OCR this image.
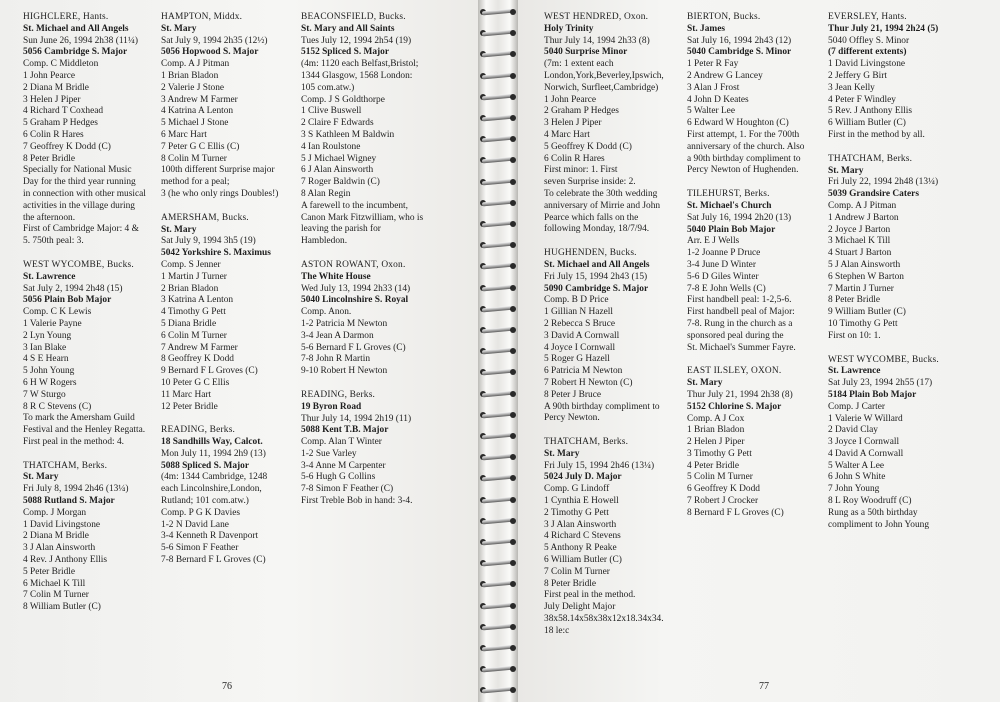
HIGHCLERE, Hants.
St. Michael and All Angels
Sun June 26, 1994 2h38 (11¼)
5056 Cambridge S. Major
Comp. C Middleton
1 John Pearce
2 Diana M Bridle
3 Helen J Piper
4 Richard T Coxhead
5 Graham P Hedges
6 Colin R Hares
7 Geoffrey K Dodd (C)
8 Peter Bridle
Specially for National Music
Day for the third year running
in connection with other musical
activities in the village during
the afternoon.
First of Cambridge Major: 4 &
5. 750th peal: 3.
WEST WYCOMBE, Bucks.
St. Lawrence
Sat July 2, 1994 2h48 (15)
5056 Plain Bob Major
Comp. C K Lewis
1 Valerie Payne
2 Lyn Young
3 Ian Blake
4 S E Hearn
5 John Young
6 H W Rogers
7 W Sturgo
8 R C Stevens (C)
To mark the Amersham Guild
Festival and the Henley Regatta.
First peal in the method: 4.
THATCHAM, Berks.
St. Mary
Fri July 8, 1994 2h46 (13¼)
5088 Rutland S. Major
Comp. J Morgan
1 David Livingstone
2 Diana M Bridle
3 J Alan Ainsworth
4 Rev. J Anthony Ellis
5 Peter Bridle
6 Michael K Till
7 Colin M Turner
8 William Butler (C)
HAMPTON, Middx.
St. Mary
Sat July 9, 1994 2h35 (12½)
5056 Hopwood S. Major
Comp. A J Pitman
1 Brian Bladon
2 Valerie J Stone
3 Andrew M Farmer
4 Katrina A Lenton
5 Michael J Stone
6 Marc Hart
7 Peter G C Ellis (C)
8 Colin M Turner
100th different Surprise major
method for a peal;
3 (he who only rings Doubles!)
AMERSHAM, Bucks.
St. Mary
Sat July 9, 1994 3h5 (19)
5042 Yorkshire S. Maximus
Comp. S Jenner
1 Martin J Turner
2 Brian Bladon
3 Katrina A Lenton
4 Timothy G Pett
5 Diana Bridle
6 Colin M Turner
7 Andrew M Farmer
8 Geoffrey K Dodd
9 Bernard F L Groves (C)
10 Peter G C Ellis
11 Marc Hart
12 Peter Bridle
READING, Berks.
18 Sandhills Way, Calcot.
Mon July 11, 1994 2h9 (13)
5088 Spliced S. Major
(4m: 1344 Cambridge, 1248
each Lincolnshire,London,
Rutland; 101 com.atw.)
Comp. P G K Davies
1-2 N David Lane
3-4 Kenneth R Davenport
5-6 Simon F Feather
7-8 Bernard F L Groves (C)
BEACONSFIELD, Bucks.
St. Mary and All Saints
Tues July 12, 1994 2h54 (19)
5152 Spliced S. Major
(4m: 1120 each Belfast,Bristol;
1344 Glasgow, 1568 London:
105 com.atw.)
Comp. J S Goldthorpe
1 Clive Buswell
2 Claire F Edwards
3 S Kathleen M Baldwin
4 Ian Roulstone
5 J Michael Wigney
6 J Alan Ainsworth
7 Roger Baldwin (C)
8 Alan Regin
A farewell to the incumbent,
Canon Mark Fitzwilliam, who is
leaving the parish for
Hambledon.
ASTON ROWANT, Oxon.
The White House
Wed July 13, 1994 2h33 (14)
5040 Lincolnshire S. Royal
Comp. Anon.
1-2 Patricia M Newton
3-4 Jean A Darmon
5-6 Bernard F L Groves (C)
7-8 John R Martin
9-10 Robert H Newton
READING, Berks.
19 Byron Road
Thur July 14, 1994 2h19 (11)
5088 Kent T.B. Major
Comp. Alan T Winter
1-2 Sue Varley
3-4 Anne M Carpenter
5-6 Hugh G Collins
7-8 Simon F Feather (C)
First Treble Bob in hand: 3-4.
76
WEST HENDRED, Oxon.
Holy Trinity
Thur July 14, 1994 2h33 (8)
5040 Surprise Minor
(7m: 1 extent each
London,York,Beverley,Ipswich,
Norwich, Surfleet,Cambridge)
1 John Pearce
2 Graham P Hedges
3 Helen J Piper
4 Marc Hart
5 Geoffrey K Dodd (C)
6 Colin R Hares
First minor: 1. First
seven Surprise inside: 2.
To celebrate the 30th wedding
anniversary of Mirrie and John
Pearce which falls on the
following Monday, 18/7/94.
HUGHENDEN, Bucks.
St. Michael and All Angels
Fri July 15, 1994 2h43 (15)
5090 Cambridge S. Major
Comp. B D Price
1 Gillian N Hazell
2 Rebecca S Bruce
3 David A Cornwall
4 Joyce I Cornwall
5 Roger G Hazell
6 Patricia M Newton
7 Robert H Newton (C)
8 Peter J Bruce
A 90th birthday compliment to
Percy Newton.
THATCHAM, Berks.
St. Mary
Fri July 15, 1994 2h46 (13¼)
5024 July D. Major
Comp. G Lindoff
1 Cynthia E Howell
2 Timothy G Pett
3 J Alan Ainsworth
4 Richard C Stevens
5 Anthony R Peake
6 William Butler (C)
7 Colin M Turner
8 Peter Bridle
First peal in the method.
July Delight Major
38x58.14x58x38x12x18.34x34.
18 le:c
BIERTON, Bucks.
St. James
Sat July 16, 1994 2h43 (12)
5040 Cambridge S. Minor
1 Peter R Fay
2 Andrew G Lancey
3 Alan J Frost
4 John D Keates
5 Walter Lee
6 Edward W Houghton (C)
First attempt, 1. For the 700th
anniversary of the church. Also
a 90th birthday compliment to
Percy Newton of Hughenden.
TILEHURST, Berks.
St. Michael's Church
Sat July 16, 1994 2h20 (13)
5040 Plain Bob Major
Arr. E J Wells
1-2 Joanne P Druce
3-4 June D Winter
5-6 D Giles Winter
7-8 E John Wells (C)
First handbell peal: 1-2,5-6.
First handbell peal of Major:
7-8. Rung in the church as a
sponsored peal during the
St. Michael's Summer Fayre.
EAST ILSLEY, OXON.
St. Mary
Thur July 21, 1994 2h38 (8)
5152 Chlorine S. Major
Comp. A J Cox
1 Brian Bladon
2 Helen J Piper
3 Timothy G Pett
4 Peter Bridle
5 Colin M Turner
6 Geoffrey K Dodd
7 Robert J Crocker
8 Bernard F L Groves (C)
EVERSLEY, Hants.
Thur July 21, 1994 2h24 (5)
5040 Offley S. Minor
(7 different extents)
1 David Livingstone
2 Jeffery G Birt
3 Jean Kelly
4 Peter F Windley
5 Rev. J Anthony Ellis
6 William Butler (C)
First in the method by all.
THATCHAM, Berks.
St. Mary
Fri July 22, 1994 2h48 (13¼)
5039 Grandsire Caters
Comp. A J Pitman
1 Andrew J Barton
2 Joyce J Barton
3 Michael K Till
4 Stuart J Barton
5 J Alan Ainsworth
6 Stephen W Barton
7 Martin J Turner
8 Peter Bridle
9 William Butler (C)
10 Timothy G Pett
First on 10: 1.
WEST WYCOMBE, Bucks.
St. Lawrence
Sat July 23, 1994 2h55 (17)
5184 Plain Bob Major
Comp. J Carter
1 Valerie W Willard
2 David Clay
3 Joyce I Cornwall
4 David A Cornwall
5 Walter A Lee
6 John S White
7 John Young
8 L Roy Woodruff (C)
Rung as a 50th birthday
compliment to John Young
77
